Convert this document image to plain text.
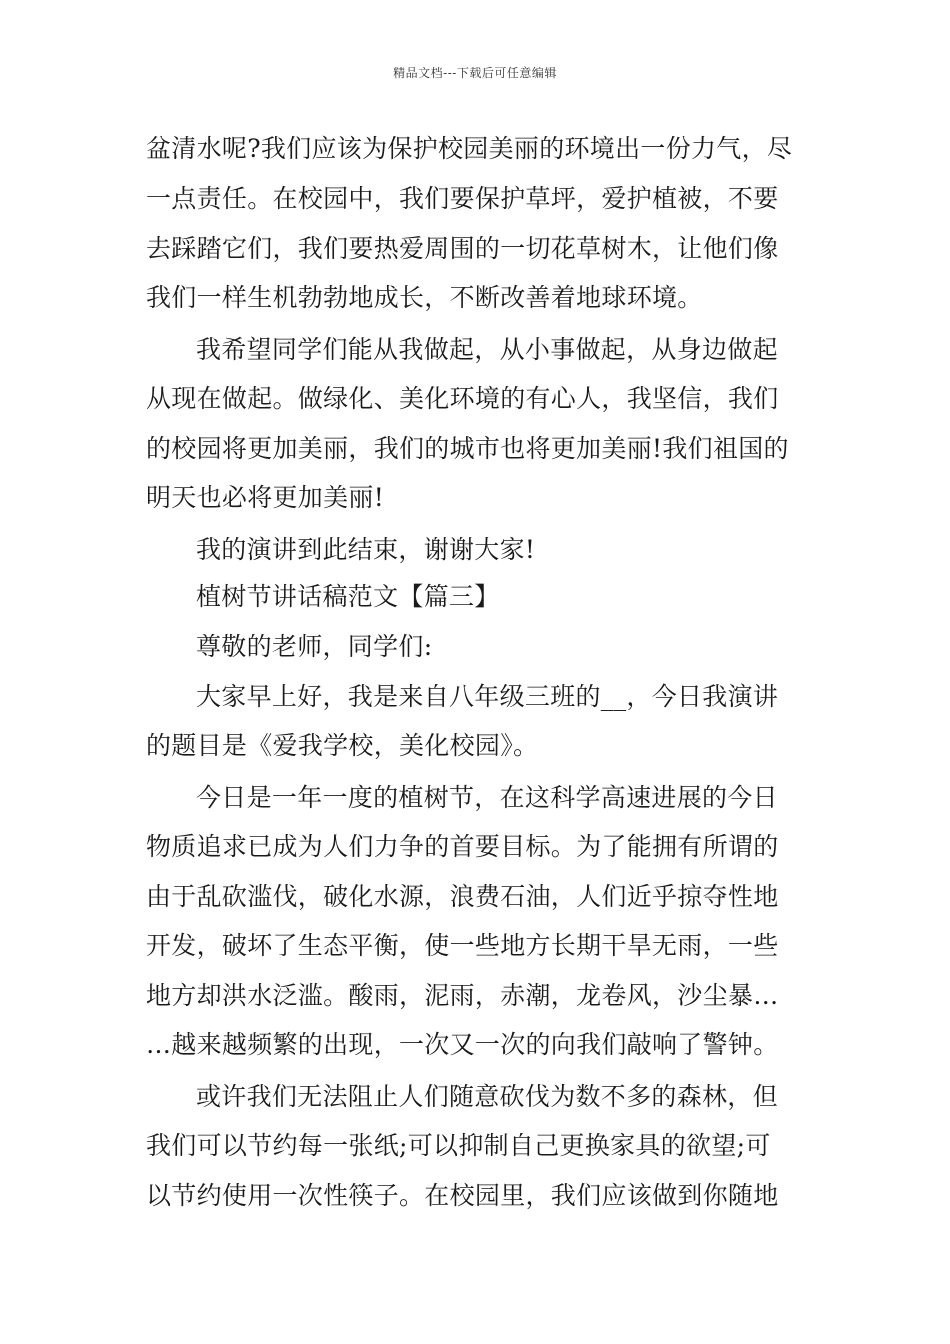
精品文档---下载后可任意编辑
盆清水呢?我们应该为保护校园美丽的环境出一份力气，尽
一点责任。在校园中，我们要保护草坪，爱护植被，不要
去踩踏它们，我们要热爱周围的一切花草树木，让他们像
我们一样生机勃勃地成长，不断改善着地球环境。
我希望同学们能从我做起，从小事做起，从身边做起
从现在做起。做绿化、美化环境的有心人，我坚信，我们
的校园将更加美丽，我们的城市也将更加美丽!我们祖国的
明天也必将更加美丽!
我的演讲到此结束，谢谢大家!
植树节讲话稿范文【篇三】
尊敬的老师，同学们:
大家早上好，我是来自八年级三班的__，今日我演讲
的题目是《爱我学校，美化校园》。
今日是一年一度的植树节，在这科学高速进展的今日
物质追求已成为人们力争的首要目标。为了能拥有所谓的
由于乱砍滥伐，破化水源，浪费石油，人们近乎掠夺性地
开发，破坏了生态平衡，使一些地方长期干旱无雨，一些
地方却洪水泛滥。酸雨，泥雨，赤潮，龙卷风，沙尘暴…
…越来越频繁的出现，一次又一次的向我们敲响了警钟。
或许我们无法阻止人们随意砍伐为数不多的森林，但
我们可以节约每一张纸;可以抑制自己更换家具的欲望;可
以节约使用一次性筷子。在校园里，我们应该做到你随地
